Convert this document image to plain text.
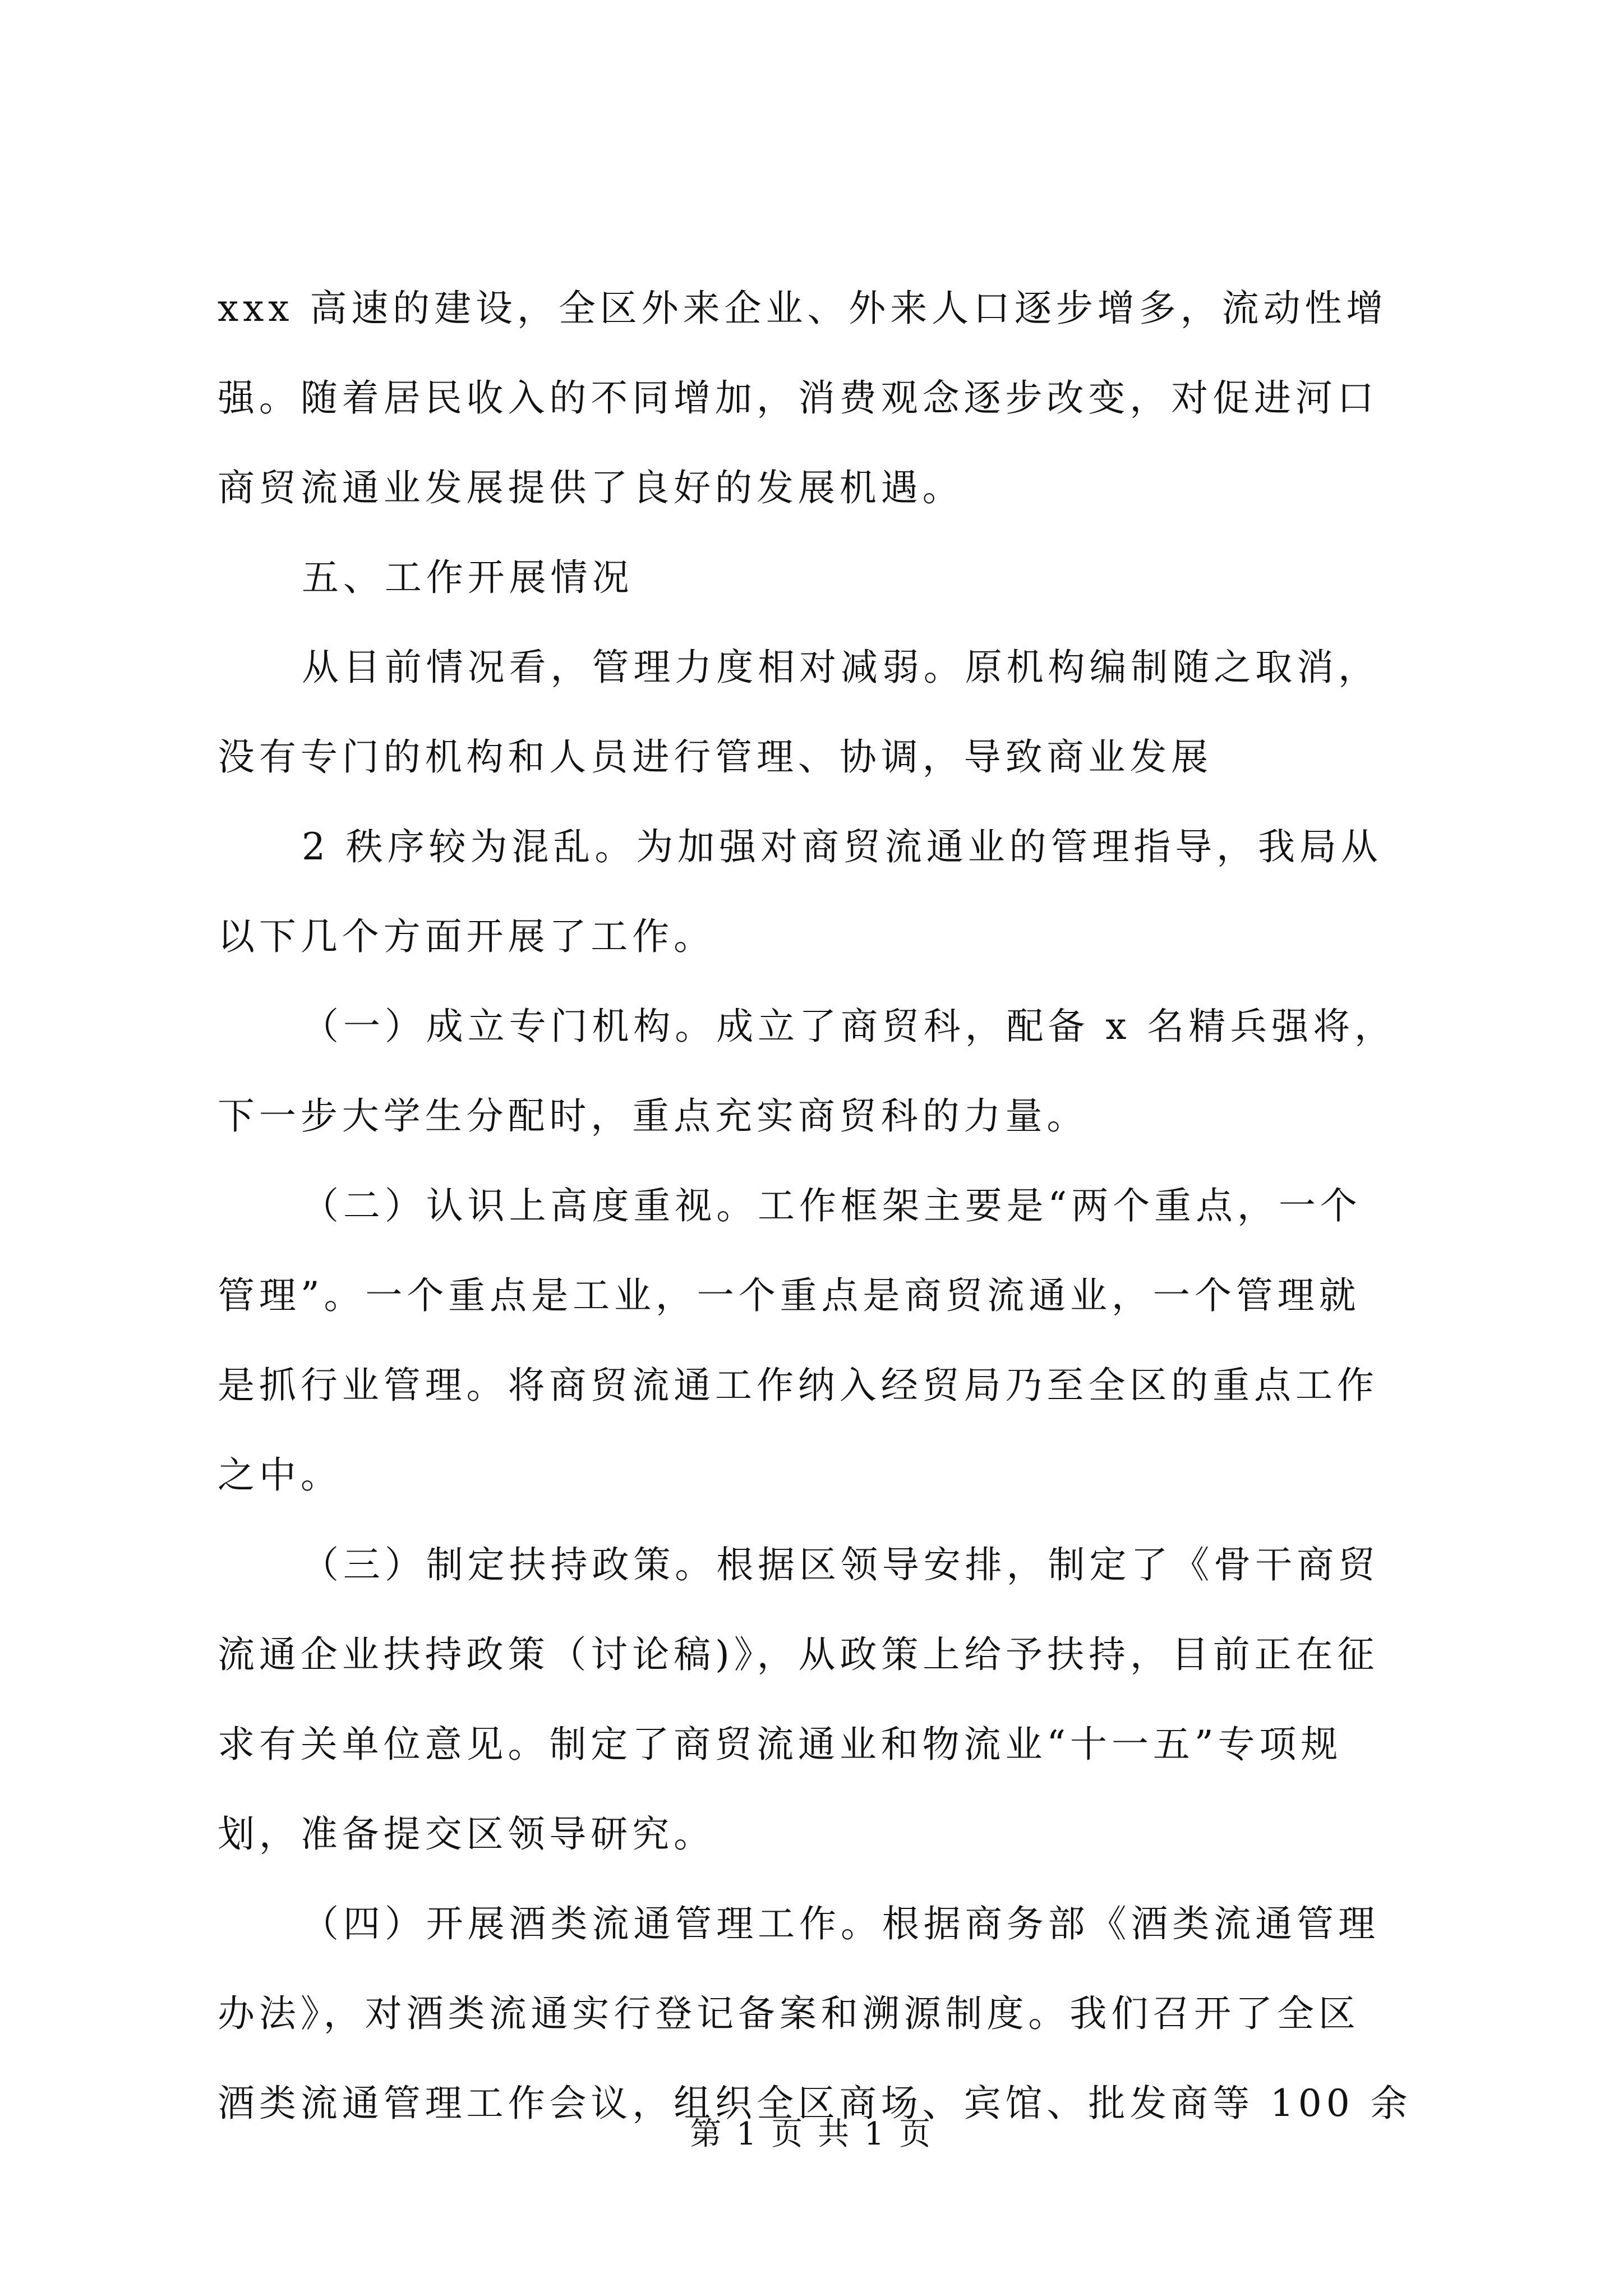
xxx 高速的建设，全区外来企业、外来人口逐步增多，流动性增
强。随着居民收入的不同增加，消费观念逐步改变，对促进河口
商贸流通业发展提供了良好的发展机遇。
五、工作开展情况
从目前情况看，管理力度相对减弱。原机构编制随之取消，
没有专门的机构和人员进行管理、协调，导致商业发展
2 秩序较为混乱。为加强对商贸流通业的管理指导，我局从
以下几个方面开展了工作。
（一）成立专门机构。成立了商贸科，配备 x 名精兵强将，
下一步大学生分配时，重点充实商贸科的力量。
（二）认识上高度重视。工作框架主要是“两个重点，一个
管理”。一个重点是工业，一个重点是商贸流通业，一个管理就
是抓行业管理。将商贸流通工作纳入经贸局乃至全区的重点工作
之中。
（三）制定扶持政策。根据区领导安排，制定了《骨干商贸
流通企业扶持政策（讨论稿)》，从政策上给予扶持，目前正在征
求有关单位意见。制定了商贸流通业和物流业“十一五”专项规
划，准备提交区领导研究。
（四）开展酒类流通管理工作。根据商务部《酒类流通管理
办法》，对酒类流通实行登记备案和溯源制度。我们召开了全区
酒类流通管理工作会议，组织全区商场、宾馆、批发商等 100 余
第 1 页 共 1 页
